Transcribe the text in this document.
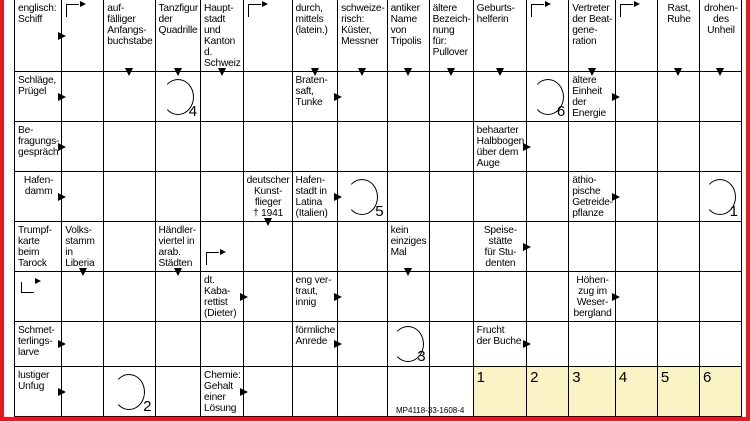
englisch:
Schiff
auf-
fälliger
Anfangs-
buchstabe
Tanzfigur
der
Quadrille
Haupt-
stadt und
Kanton d.
Schweiz
durch,
mittels
(latein.)
schweize-
risch:
Küster,
Messner
antiker
Name von
Tripolis
ältere
Bezeich-
nung für:
Pullover
Geburts-
helferin
Vertreter
der Beat-
gene-
ration
Rast,
Ruhe
drohen-
des
Unheil
Schläge,
Prügel
4
Braten-
saft,
Tunke
6
ältere
Einheit
der
Energie
Be-
fragungs-
gespräch
behaarter
Halbbogen
über dem
Auge
Hafen-
damm
deutscher
Kunst-
flieger
† 1941
Hafen-
stadt in
Latina
(Italien)	5
äthio-
pische
Getreide-
pflanze	1
Trumpf-
karte
beim
Tarock
Volks-
stamm in
Liberia
Händler-
viertel in
arab.
Städten
kein
einziges
Mal
Speise-
stätte
für Stu-
denten
dt. Kaba-
rettist
(Dieter)
eng ver-
traut,
innig
Höhen-
zug im
Weser-
bergland
Schmet-
terlings-
larve
förmliche
Anrede
3
Frucht
der Buche
lustiger
Unfug
2
Chemie:
Gehalt
einer
Lösung
1	2 3	4 5 6
MP4118-33-1608-4
